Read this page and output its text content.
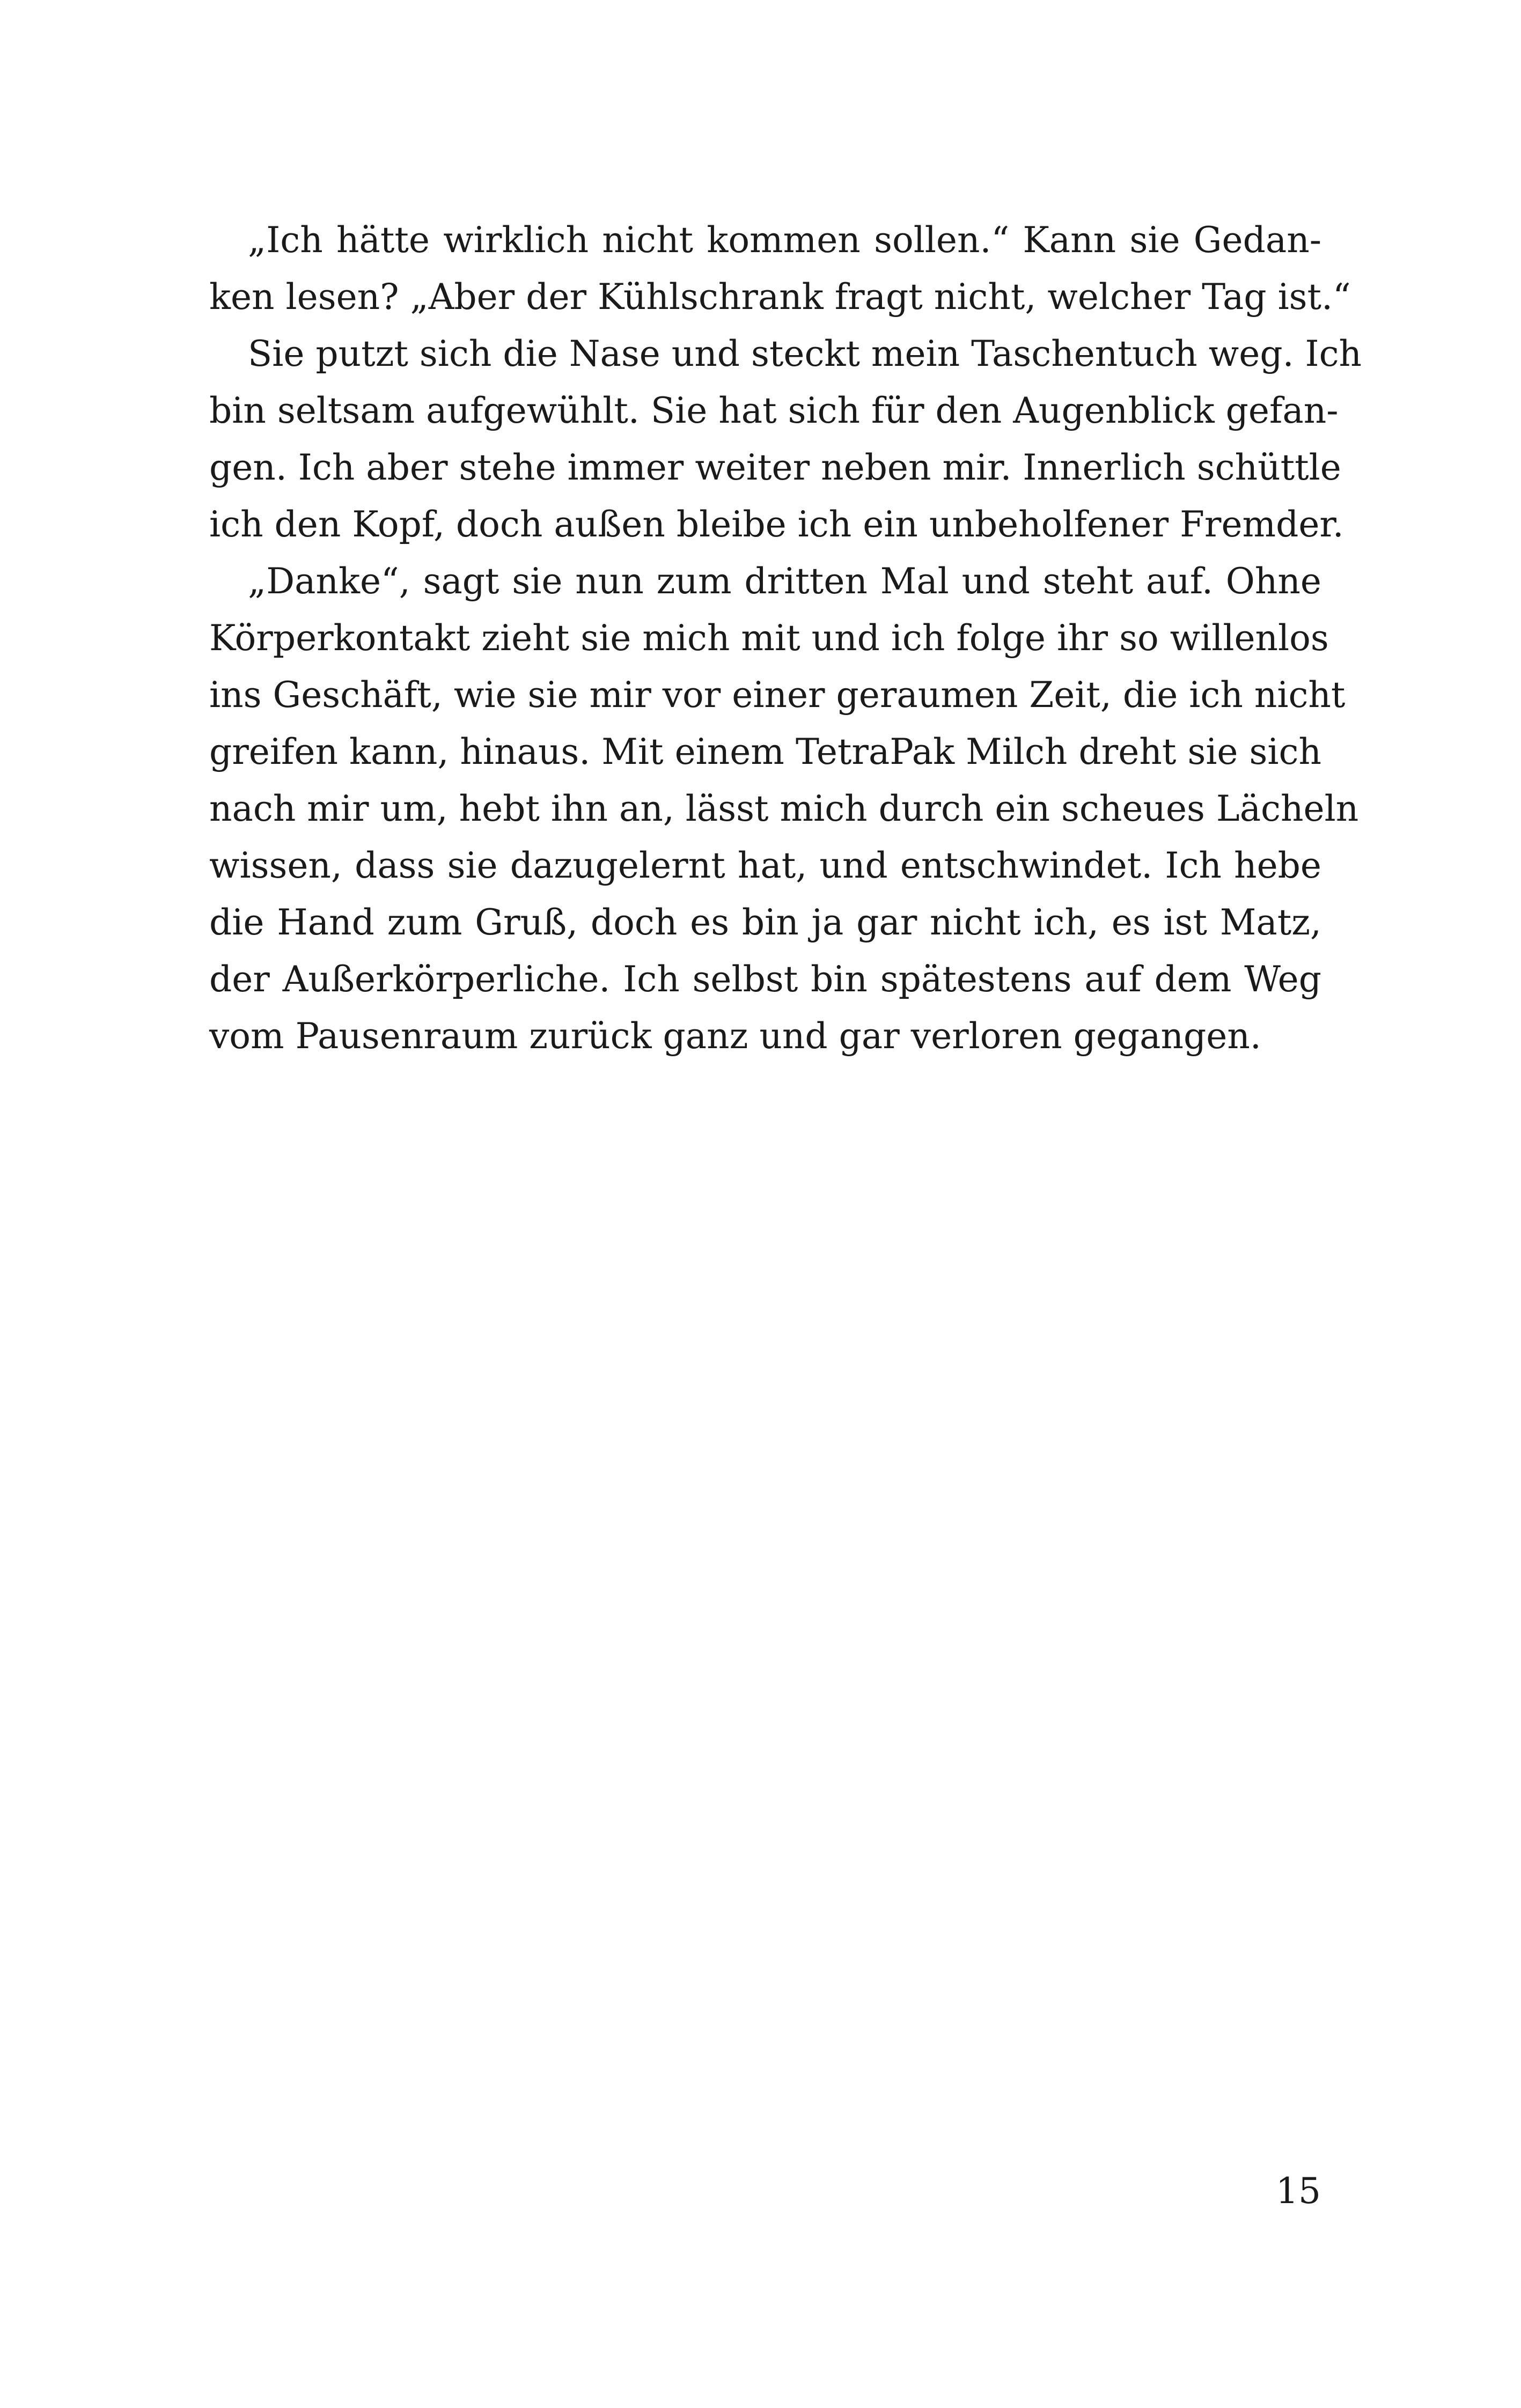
„Ich hätte wirklich nicht kommen sollen.“ Kann sie Gedan-
ken lesen? „Aber der Kühlschrank fragt nicht, welcher Tag ist.“
Sie putzt sich die Nase und steckt mein Taschentuch weg. Ich
bin seltsam aufgewühlt. Sie hat sich für den Augenblick gefan-
gen. Ich aber stehe immer weiter neben mir. Innerlich schüttle
ich den Kopf, doch außen bleibe ich ein unbeholfener Fremder.
„Danke“, sagt sie nun zum dritten Mal und steht auf. Ohne
Körperkontakt zieht sie mich mit und ich folge ihr so willenlos
ins Geschäft, wie sie mir vor einer geraumen Zeit, die ich nicht
greifen kann, hinaus. Mit einem TetraPak Milch dreht sie sich
nach mir um, hebt ihn an, lässt mich durch ein scheues Lächeln
wissen, dass sie dazugelernt hat, und entschwindet. Ich hebe
die Hand zum Gruß, doch es bin ja gar nicht ich, es ist Matz,
der Außerkörperliche. Ich selbst bin spätestens auf dem Weg
vom Pausenraum zurück ganz und gar verloren gegangen.
15
